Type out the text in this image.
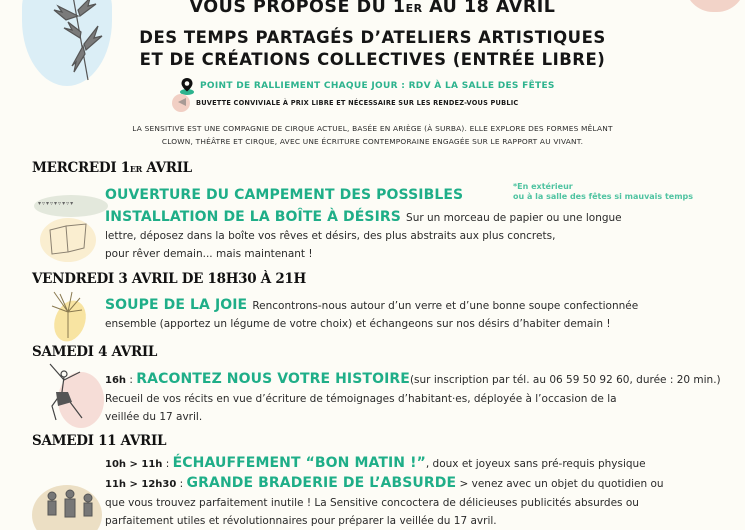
VOUS PROPOSE DU 1ER AU 18 AVRIL
DES TEMPS PARTAGÉS D’ATELIERS ARTISTIQUES
ET DE CRÉATIONS COLLECTIVES (ENTRÉE LIBRE)
POINT DE RALLIEMENT CHAQUE JOUR : RDV À LA SALLE DES FÊTES
BUVETTE CONVIVIALE À PRIX LIBRE ET NÉCESSAIRE SUR LES RENDEZ-VOUS PUBLIC
LA SENSITIVE EST UNE COMPAGNIE DE CIRQUE ACTUEL, BASÉE EN ARIÈGE (À SURBA). ELLE EXPLORE DES FORMES MÊLANT
CLOWN, THÉÂTRE ET CIRQUE, AVEC UNE ÉCRITURE CONTEMPORAINE ENGAGÉE SUR LE RAPPORT AU VIVANT.
MERCREDI 1ER AVRIL
▾▿▾▿▾▿▾▿▾
OUVERTURE DU CAMPEMENT DES POSSIBLES
*En extérieur
ou à la salle des fêtes si mauvais temps
INSTALLATION DE LA BOÎTE À DÉSIRS Sur un morceau de papier ou une longue
lettre, déposez dans la boîte vos rêves et désirs, des plus abstraits aux plus concrets,
pour rêver demain... mais maintenant !
VENDREDI 3 AVRIL DE 18H30 À 21H
SOUPE DE LA JOIE Rencontrons-nous autour d’un verre et d’une bonne soupe confectionnée
ensemble (apportez un légume de votre choix) et échangeons sur nos désirs d’habiter demain !
SAMEDI 4 AVRIL
16h : RACONTEZ NOUS VOTRE HISTOIRE(sur inscription par tél. au 06 59 50 92 60, durée : 20 min.)
Recueil de vos récits en vue d’écriture de témoignages d’habitant·es, déployée à l’occasion de la
veillée du 17 avril.
SAMEDI 11 AVRIL
10h > 11h : ÉCHAUFFEMENT “BON MATIN !”, doux et joyeux sans pré-requis physique
11h > 12h30 : GRANDE BRADERIE DE L’ABSURDE > venez avec un objet du quotidien ou
que vous trouvez parfaitement inutile ! La Sensitive concoctera de délicieuses publicités absurdes ou
parfaitement utiles et révolutionnaires pour préparer la veillée du 17 avril.
